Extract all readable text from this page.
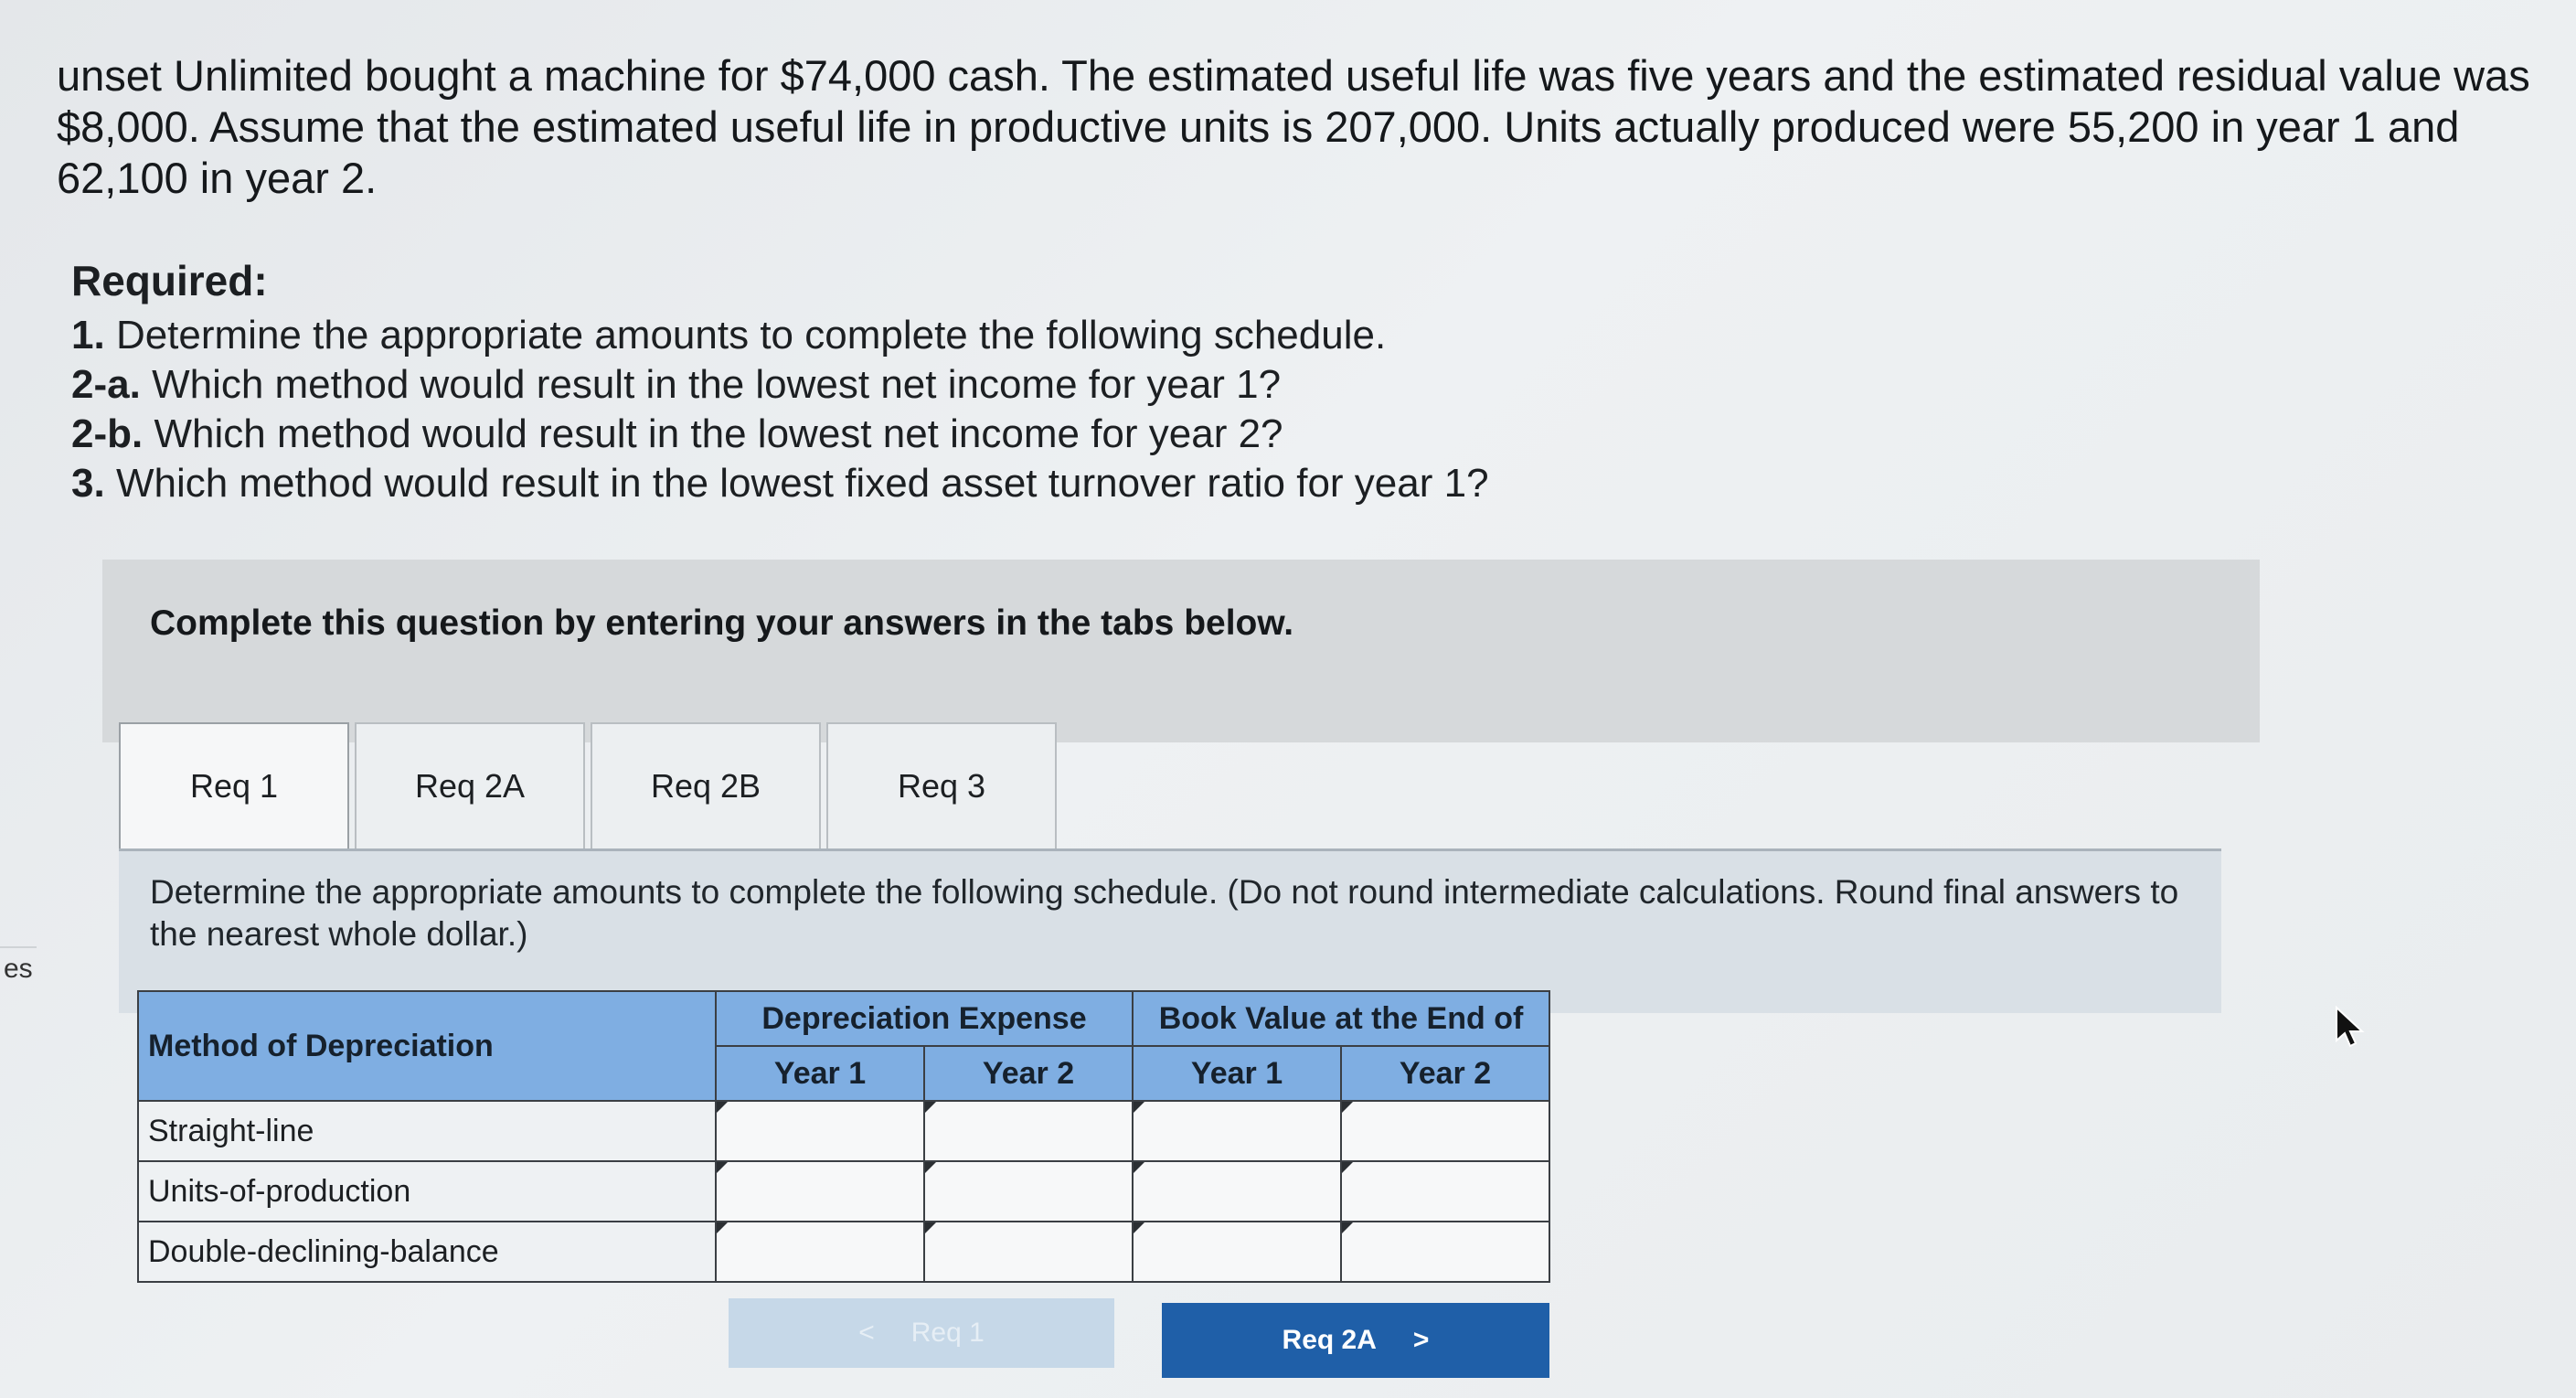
es
unset Unlimited bought a machine for $74,000 cash. The estimated useful life was five years and the estimated residual value was $8,000. Assume that the estimated useful life in productive units is 207,000. Units actually produced were 55,200 in year 1 and 62,100 in year 2.
Required:
1. Determine the appropriate amounts to complete the following schedule.
2-a. Which method would result in the lowest net income for year 1?
2-b. Which method would result in the lowest net income for year 2?
3. Which method would result in the lowest fixed asset turnover ratio for year 1?
Complete this question by entering your answers in the tabs below.
Req 1	Req 2A	Req 2B	Req 3
Determine the appropriate amounts to complete the following schedule. (Do not round intermediate calculations. Round final answers to the nearest whole dollar.)
Method of Depreciation	Depreciation Expense		Book Value at the End of	
	Year 1	Year 2	Year 1	Year 2
Straight-line				
Units-of-production				
Double-declining-balance				
< Req 1	Req 2A >
